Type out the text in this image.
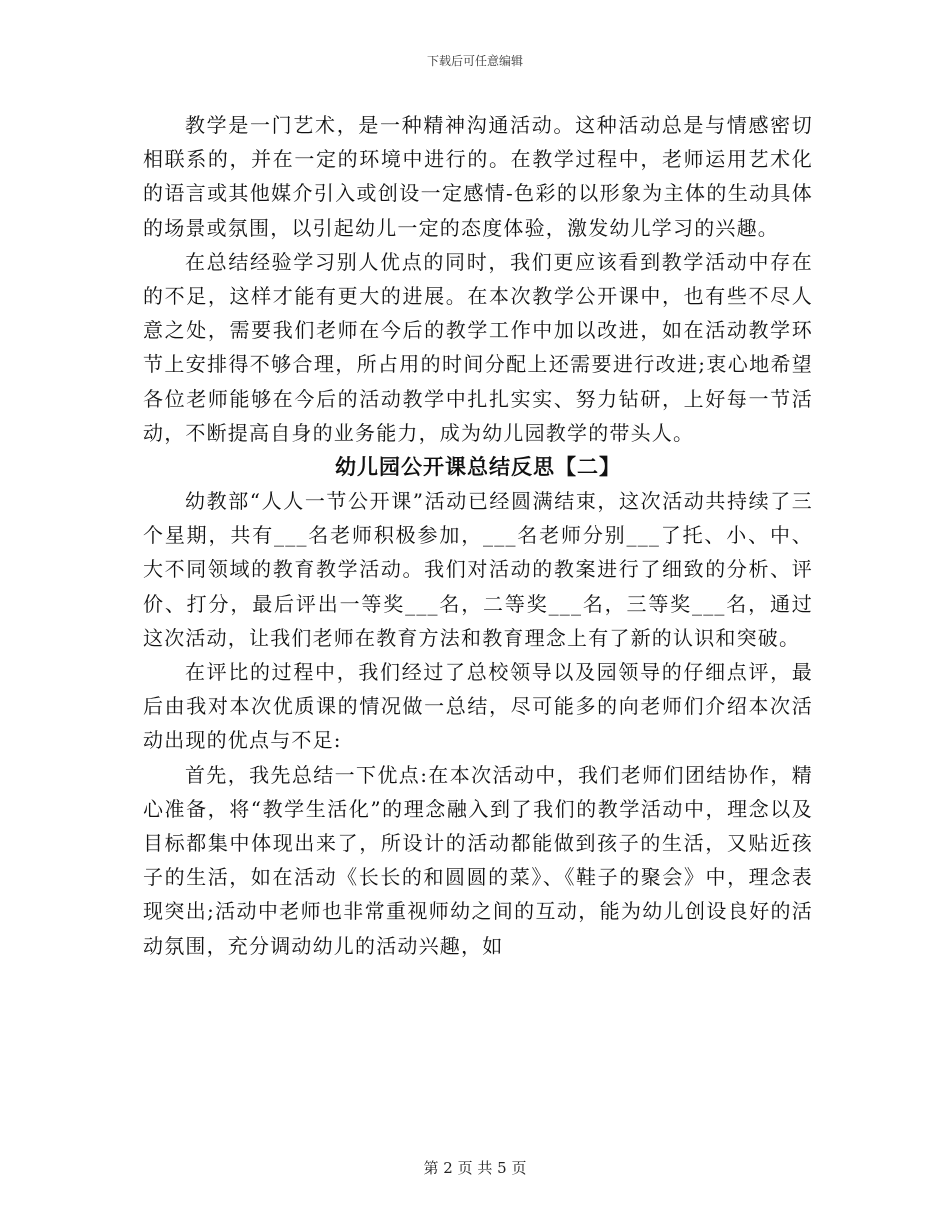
下载后可任意编辑

教学是一门艺术，是一种精神沟通活动。这种活动总是与情感密切相联系的，并在一定的环境中进行的。在教学过程中，老师运用艺术化的语言或其他媒介引入或创设一定感情-色彩的以形象为主体的生动具体的场景或氛围，以引起幼儿一定的态度体验，激发幼儿学习的兴趣。

在总结经验学习别人优点的同时，我们更应该看到教学活动中存在的不足，这样才能有更大的进展。在本次教学公开课中，也有些不尽人意之处，需要我们老师在今后的教学工作中加以改进，如在活动教学环节上安排得不够合理，所占用的时间分配上还需要进行改进;衷心地希望各位老师能够在今后的活动教学中扎扎实实、努力钻研，上好每一节活动，不断提高自身的业务能力，成为幼儿园教学的带头人。

幼儿园公开课总结反思【二】

幼教部“人人一节公开课”活动已经圆满结束，这次活动共持续了三个星期，共有___名老师积极参加，___名老师分别___了托、小、中、大不同领域的教育教学活动。我们对活动的教案进行了细致的分析、评价、打分，最后评出一等奖___名，二等奖___名，三等奖___名，通过这次活动，让我们老师在教育方法和教育理念上有了新的认识和突破。

在评比的过程中，我们经过了总校领导以及园领导的仔细点评，最后由我对本次优质课的情况做一总结，尽可能多的向老师们介绍本次活动出现的优点与不足:

首先，我先总结一下优点:在本次活动中，我们老师们团结协作，精心准备，将“教学生活化”的理念融入到了我们的教学活动中，理念以及目标都集中体现出来了，所设计的活动都能做到孩子的生活，又贴近孩子的生活，如在活动《长长的和圆圆的菜》、《鞋子的聚会》中，理念表现突出;活动中老师也非常重视师幼之间的互动，能为幼儿创设良好的活动氛围，充分调动幼儿的活动兴趣，如

第 2 页 共 5 页
